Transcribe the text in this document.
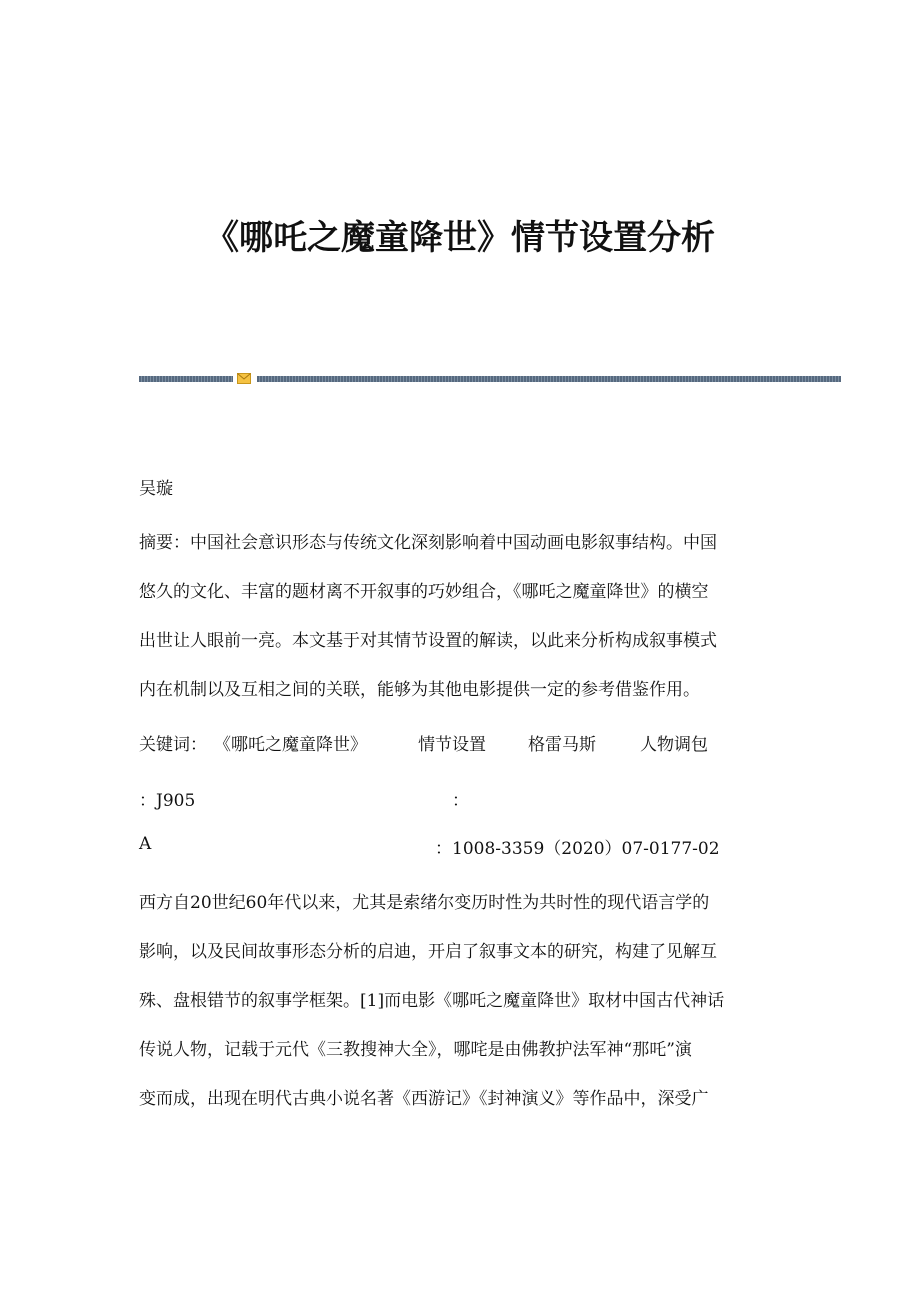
《哪吒之魔童降世》情节设置分析
吴璇
摘要：中国社会意识形态与传统文化深刻影响着中国动画电影叙事结构。中国
悠久的文化、丰富的题材离不开叙事的巧妙组合，《哪吒之魔童降世》的横空
出世让人眼前一亮。本文基于对其情节设置的解读，以此来分析构成叙事模式
内在机制以及互相之间的关联，能够为其他电影提供一定的参考借鉴作用。
关键词： 《哪吒之魔童降世》	情节设置 格雷马斯	人物调包
：J905	：
A	：1008-3359（2020）07-0177-02
西方自20世纪60年代以来，尤其是索绪尔变历时性为共时性的现代语言学的
影响，以及民间故事形态分析的启迪，开启了叙事文本的研究，构建了见解互
殊、盘根错节的叙事学框架。[1]而电影《哪吒之魔童降世》取材中国古代神话
传说人物，记载于元代《三教搜神大全》，哪咤是由佛教护法军神“那吒”演
变而成，出现在明代古典小说名著《西游记》《封神演义》等作品中，深受广
